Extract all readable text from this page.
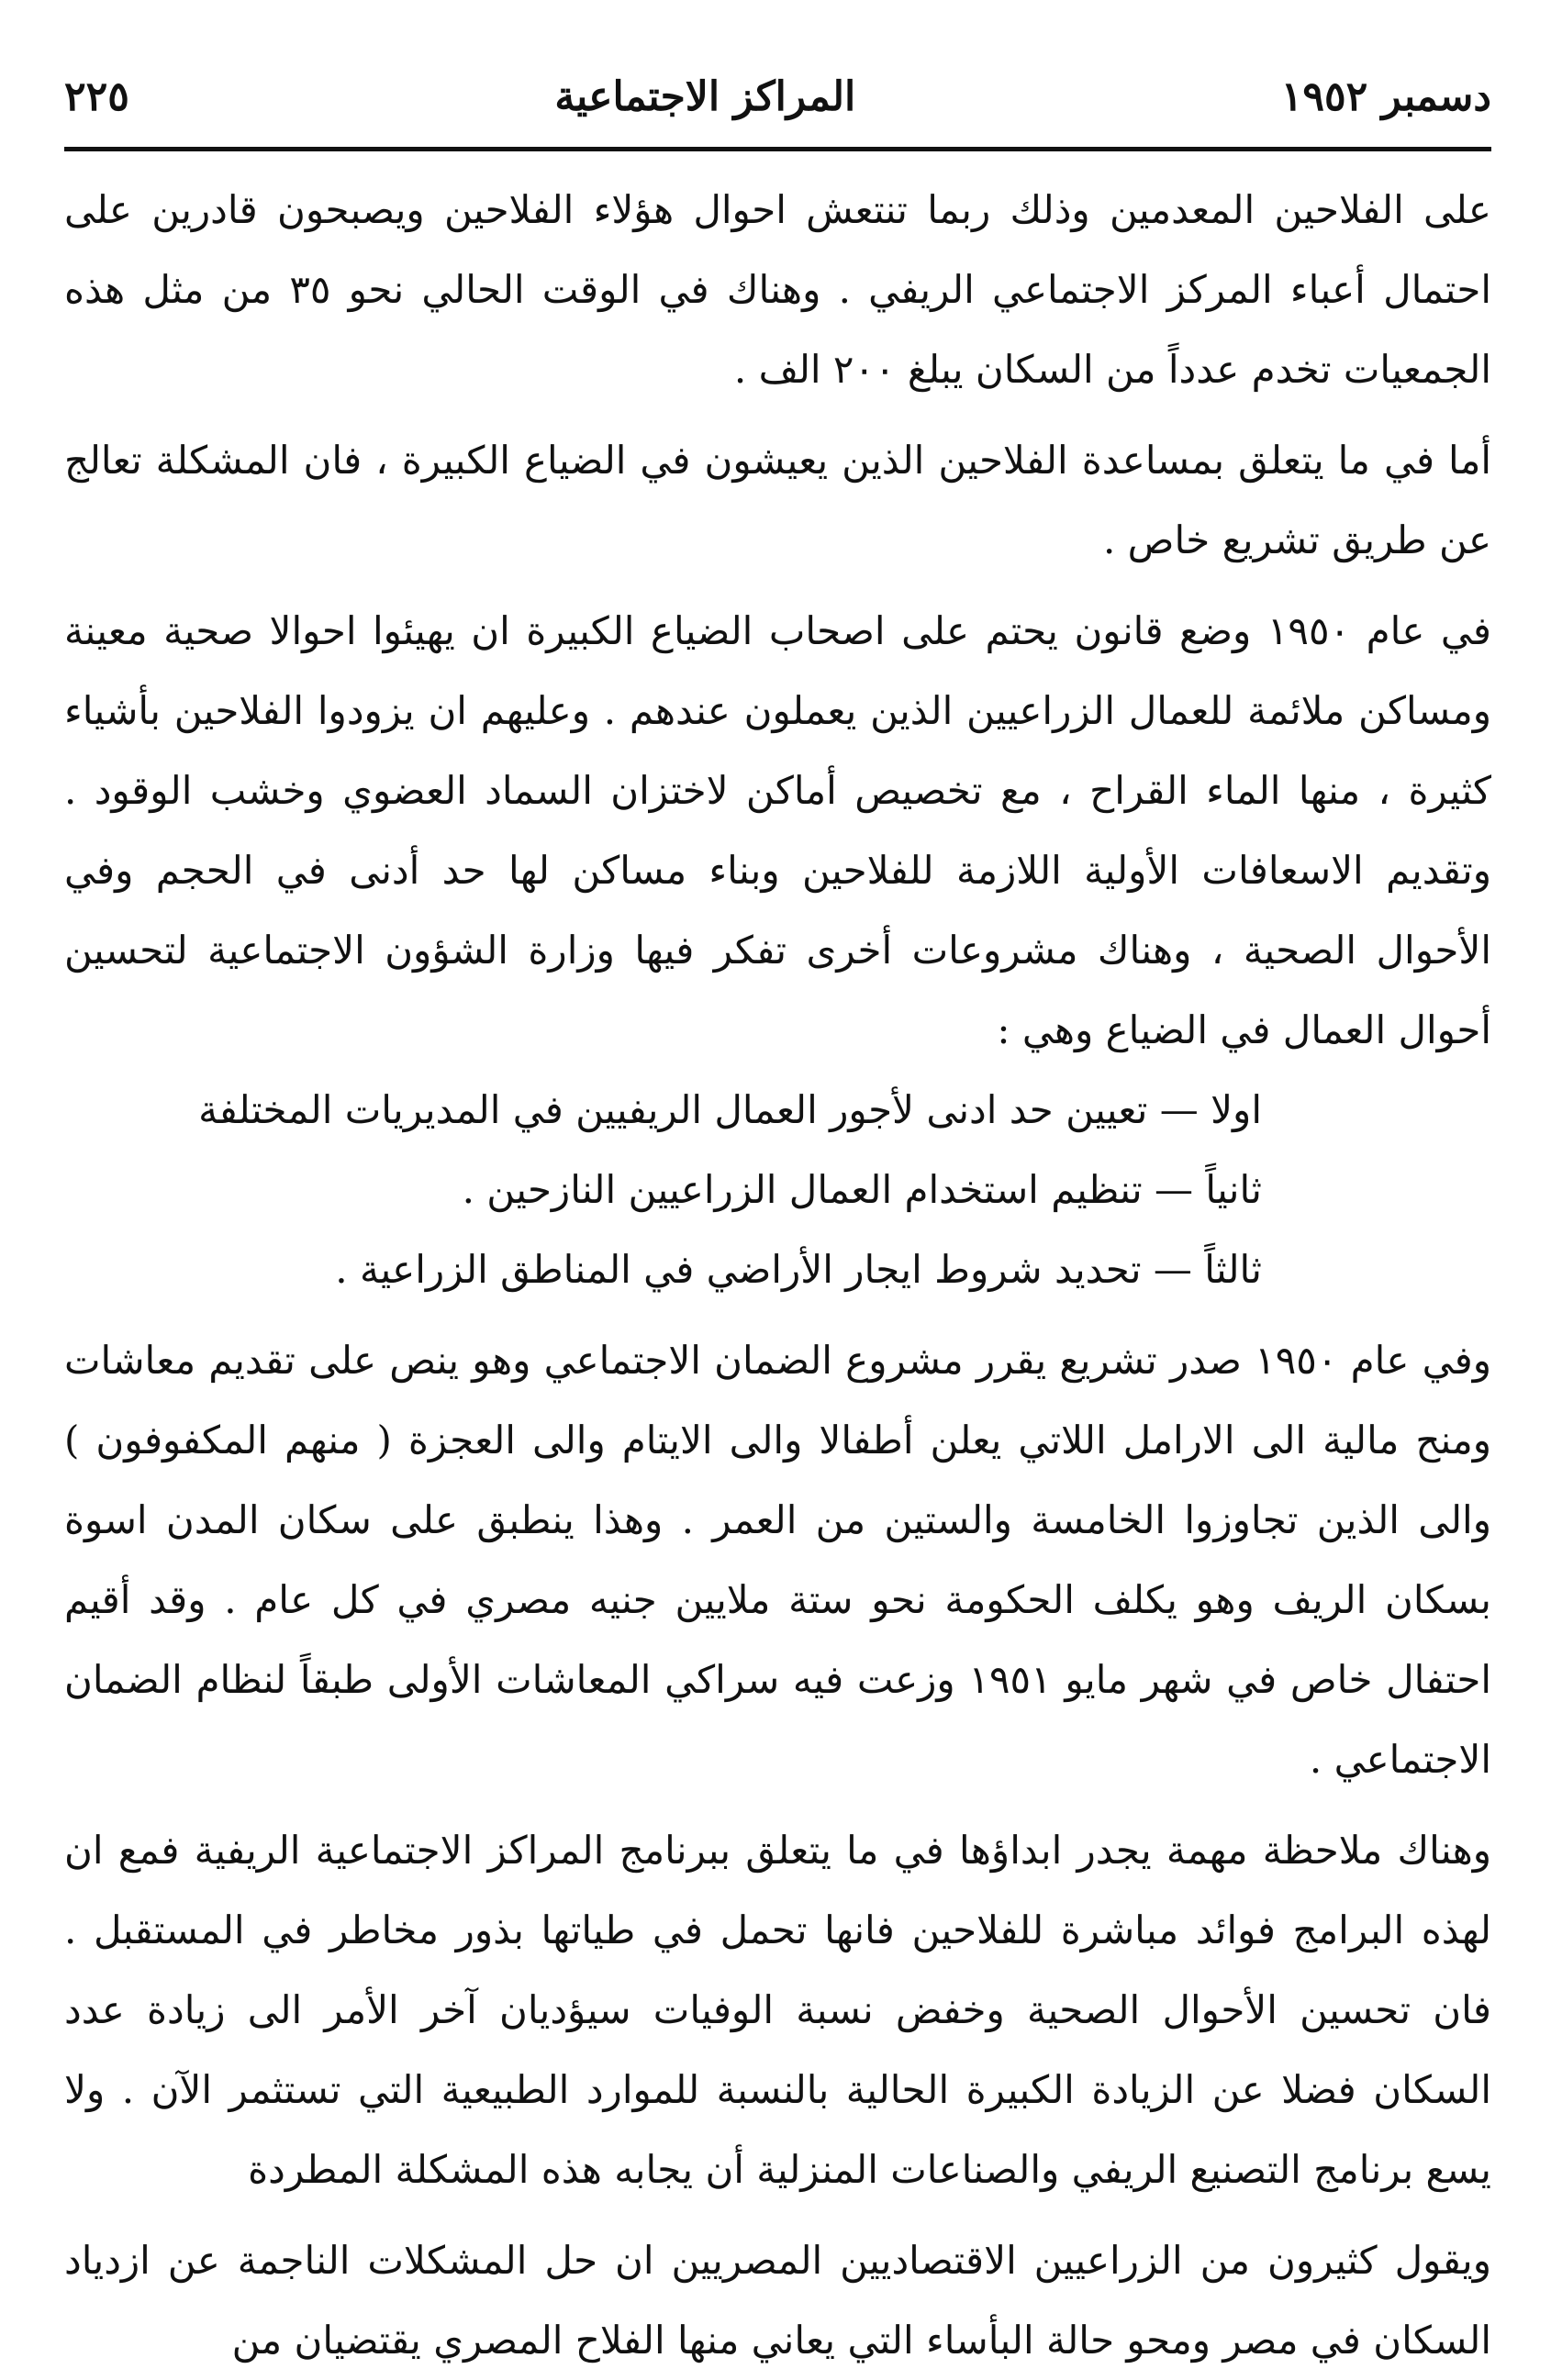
دسمبر ١٩٥٢
المراكز الاجتماعية
٢٢٥

على الفلاحين المعدمين وذلك ربما تنتعش احوال هؤلاء الفلاحين ويصبحون قادرين على احتمال أعباء المركز الاجتماعي الريفي . وهناك في الوقت الحالي نحو ٣٥ من مثل هذه الجمعيات تخدم عدداً من السكان يبلغ ٢٠٠ الف .

أما في ما يتعلق بمساعدة الفلاحين الذين يعيشون في الضياع الكبيرة ، فان المشكلة تعالج عن طريق تشريع خاص .

في عام ١٩٥٠ وضع قانون يحتم على اصحاب الضياع الكبيرة ان يهيئوا احوالا صحية معينة ومساكن ملائمة للعمال الزراعيين الذين يعملون عندهم . وعليهم ان يزودوا الفلاحين بأشياء كثيرة ، منها الماء القراح ، مع تخصيص أماكن لاختزان السماد العضوي وخشب الوقود . وتقديم الاسعافات الأولية اللازمة للفلاحين وبناء مساكن لها حد أدنى في الحجم وفي الأحوال الصحية ، وهناك مشروعات أخرى تفكر فيها وزارة الشؤون الاجتماعية لتحسين أحوال العمال في الضياع وهي :

اولا — تعيين حد ادنى لأجور العمال الريفيين في المديريات المختلفة
ثانياً — تنظيم استخدام العمال الزراعيين النازحين .
ثالثاً — تحديد شروط ايجار الأراضي في المناطق الزراعية .

وفي عام ١٩٥٠ صدر تشريع يقرر مشروع الضمان الاجتماعي وهو ينص على تقديم معاشات ومنح مالية الى الارامل اللاتي يعلن أطفالا والى الايتام والى العجزة ( منهم المكفوفون ) والى الذين تجاوزوا الخامسة والستين من العمر . وهذا ينطبق على سكان المدن اسوة بسكان الريف وهو يكلف الحكومة نحو ستة ملايين جنيه مصري في كل عام . وقد أقيم احتفال خاص في شهر مايو ١٩٥١ وزعت فيه سراكي المعاشات الأولى طبقاً لنظام الضمان الاجتماعي .

وهناك ملاحظة مهمة يجدر ابداؤها في ما يتعلق ببرنامج المراكز الاجتماعية الريفية فمع ان لهذه البرامج فوائد مباشرة للفلاحين فانها تحمل في طياتها بذور مخاطر في المستقبل . فان تحسين الأحوال الصحية وخفض نسبة الوفيات سيؤديان آخر الأمر الى زيادة عدد السكان فضلا عن الزيادة الكبيرة الحالية بالنسبة للموارد الطبيعية التي تستثمر الآن . ولا يسع برنامج التصنيع الريفي والصناعات المنزلية أن يجابه هذه المشكلة المطردة

ويقول كثيرون من الزراعيين الاقتصاديين المصريين ان حل المشكلات الناجمة عن ازدياد السكان في مصر ومحو حالة البأساء التي يعاني منها الفلاح المصري يقتضيان من
